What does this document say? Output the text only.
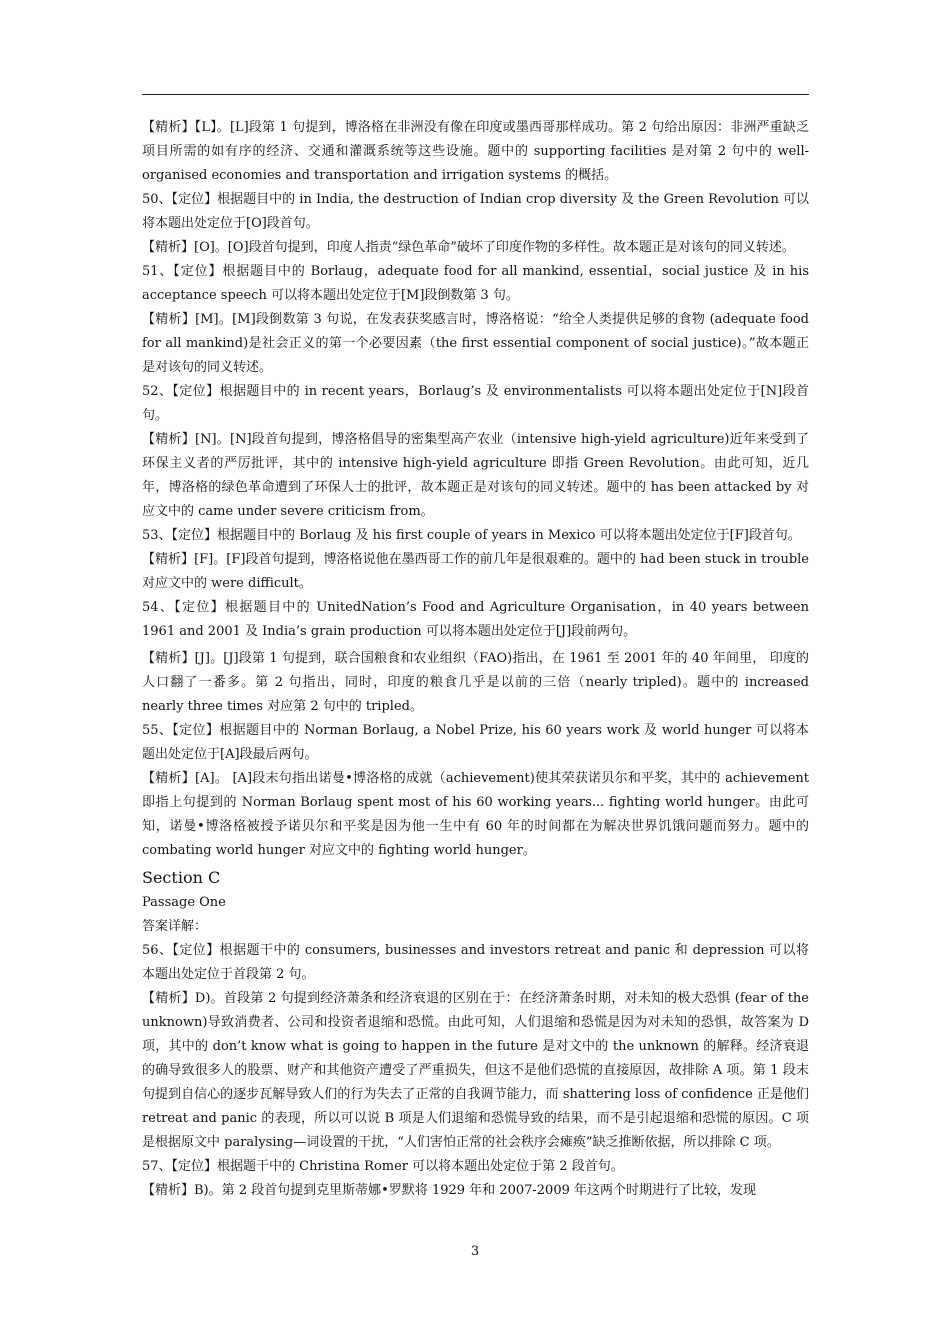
【精析】【L】。[L]段第 1 句提到，博洛格在非洲没有像在印度或墨西哥那样成功。第 2 句给出原因：非洲严重缺乏项目所需的如有序的经济、交通和灌溉系统等这些设施。题中的 supporting facilities 是对第 2 句中的 well-organised economies and transportation and irrigation systems 的概括。

50、【定位】根据题目中的 in India, the destruction of Indian crop diversity 及 the Green Revolution 可以将本题出处定位于[O]段首句。

【精析】[O]。[O]段首句提到，印度人指责“绿色革命”破坏了印度作物的多样性。故本题正是对该句的同义转述。

51、【定位】根据题目中的 Borlaug，adequate food for all mankind, essential，social justice 及 in his acceptance speech 可以将本题出处定位于[M]段倒数第 3 句。

【精析】[M]。[M]段倒数第 3 句说，在发表获奖感言时，博洛格说：“给全人类提供足够的食物 (adequate food for all mankind)是社会正义的第一个必要因素（the first essential component of social justice)。”故本题正是对该句的同义转述。

52、【定位】根据题目中的 in recent years，Borlaug’s 及 environmentalists 可以将本题出处定位于[N]段首句。

【精析】[N]。[N]段首句提到，博洛格倡导的密集型高产农业（intensive high-yield agriculture)近年来受到了环保主义者的严厉批评，其中的 intensive high-yield agriculture 即指 Green Revolution。由此可知，近几年，博洛格的绿色革命遭到了环保人士的批评，故本题正是对该句的同义转述。题中的 has been attacked by 对应文中的 came under severe criticism from。

53、【定位】根据题目中的 Borlaug 及 his first couple of years in Mexico 可以将本题出处定位于[F]段首句。

【精析】[F]。[F]段首句提到，博洛格说他在墨西哥工作的前几年是很艰难的。题中的 had been stuck in trouble 对应文中的 were difficult。

54、【定位】根据题目中的 UnitedNation’s Food and Agriculture Organisation，in 40 years between 1961 and 2001 及 India’s grain production 可以将本题出处定位于[J]段前两句。

【精析】[J]。[J]段第 1 句提到，联合国粮食和农业组织（FAO)指出，在 1961 至 2001 年的 40 年间里， 印度的人口翻了一番多。第 2 句指出，同时，印度的粮食几乎是以前的三倍（nearly tripled)。题中的 increased nearly three times 对应第 2 句中的 tripled。

55、【定位】根据题目中的 Norman Borlaug, a Nobel Prize, his 60 years work 及 world hunger 可以将本题出处定位于[A]段最后两句。

【精析】[A]。 [A]段末句指出诺曼•博洛格的成就（achievement)使其荣获诺贝尔和平奖，其中的 achievement 即指上句提到的 Norman Borlaug spent most of his 60 working years... fighting world hunger。由此可知，诺曼•博洛格被授予诺贝尔和平奖是因为他一生中有 60 年的时间都在为解决世界饥饿问题而努力。题中的 combating world hunger 对应文中的 fighting world hunger。

Section C

Passage One

答案详解：

56、【定位】根据题干中的 consumers, businesses and investors retreat and panic 和 depression 可以将本题出处定位于首段第 2 句。

【精析】D)。首段第 2 句提到经济萧条和经济衰退的区别在于：在经济萧条时期，对未知的极大恐惧 (fear of the unknown)导致消费者、公司和投资者退缩和恐慌。由此可知，人们退缩和恐慌是因为对未知的恐惧，故答案为 D 项，其中的 don’t know what is going to happen in the future 是对文中的 the unknown 的解释。经济衰退的确导致很多人的股票、财产和其他资产遭受了严重损失，但这不是他们恐慌的直接原因，故排除 A 项。第 1 段末句提到自信心的逐步瓦解导致人们的行为失去了正常的自我调节能力，而 shattering loss of confidence 正是他们 retreat and panic 的表现，所以可以说 B 项是人们退缩和恐慌导致的结果，而不是引起退缩和恐慌的原因。C 项是根据原文中 paralysing—词设置的干扰，“人们害怕正常的社会秩序会瘫痪”缺乏推断依据，所以排除 C 项。

57、【定位】根据题干中的 Christina Romer 可以将本题出处定位于第 2 段首句。

【精析】B)。第 2 段首句提到克里斯蒂娜•罗默将 1929 年和 2007-2009 年这两个时期进行了比较，发现

3
